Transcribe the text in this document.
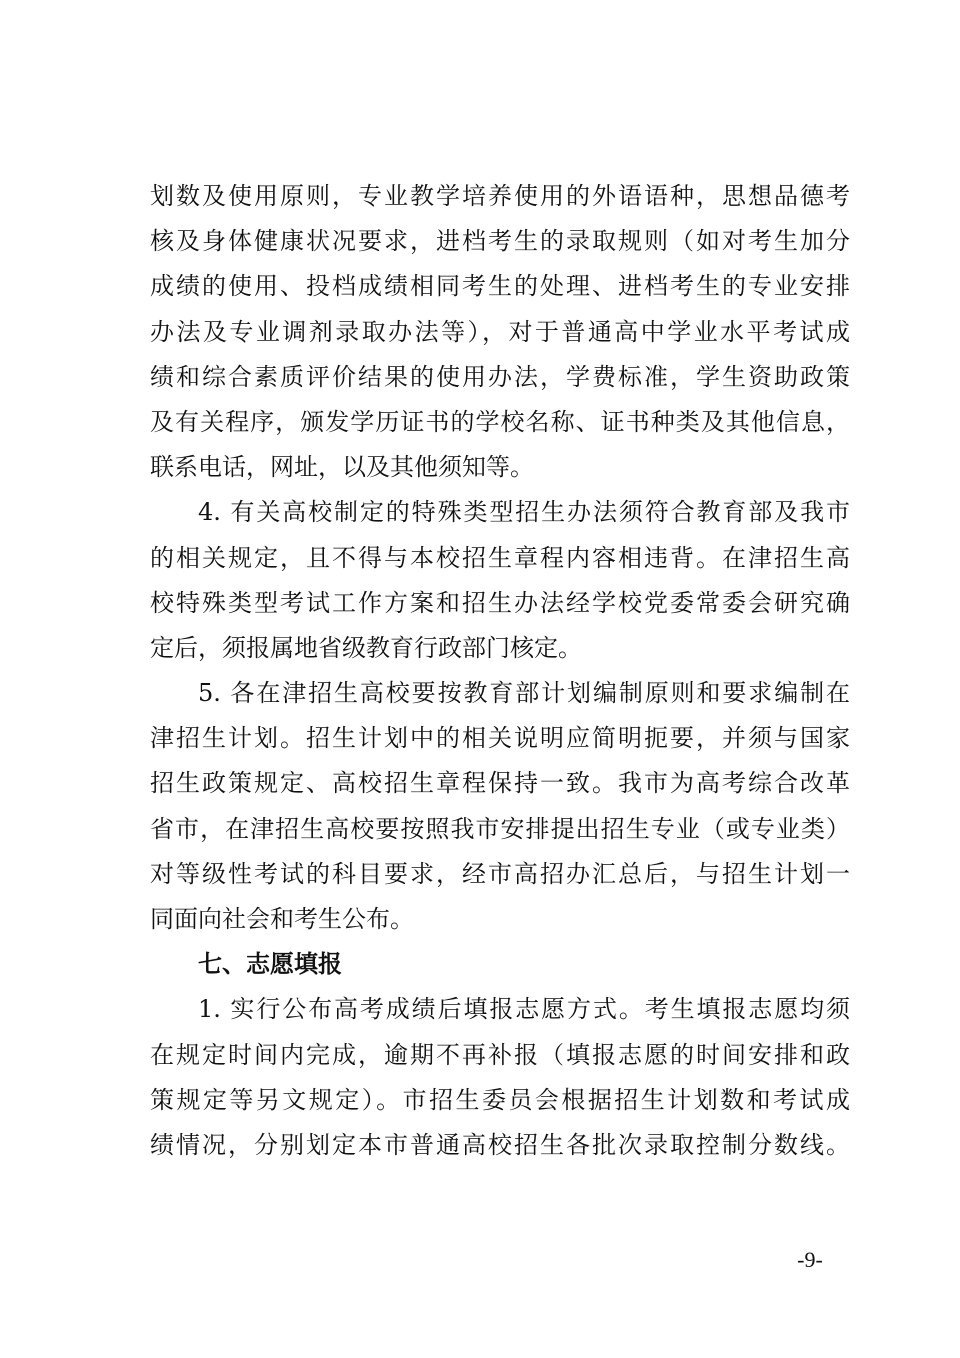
划数及使用原则，专业教学培养使用的外语语种，思想品德考
核及身体健康状况要求，进档考生的录取规则（如对考生加分
成绩的使用、投档成绩相同考生的处理、进档考生的专业安排
办法及专业调剂录取办法等），对于普通高中学业水平考试成
绩和综合素质评价结果的使用办法，学费标准，学生资助政策
及有关程序，颁发学历证书的学校名称、证书种类及其他信息，
联系电话，网址，以及其他须知等。
4. 有关高校制定的特殊类型招生办法须符合教育部及我市
的相关规定，且不得与本校招生章程内容相违背。在津招生高
校特殊类型考试工作方案和招生办法经学校党委常委会研究确
定后，须报属地省级教育行政部门核定。
5. 各在津招生高校要按教育部计划编制原则和要求编制在
津招生计划。招生计划中的相关说明应简明扼要，并须与国家
招生政策规定、高校招生章程保持一致。我市为高考综合改革
省市，在津招生高校要按照我市安排提出招生专业（或专业类）
对等级性考试的科目要求，经市高招办汇总后，与招生计划一
同面向社会和考生公布。
七、志愿填报
1. 实行公布高考成绩后填报志愿方式。考生填报志愿均须
在规定时间内完成，逾期不再补报（填报志愿的时间安排和政
策规定等另文规定）。市招生委员会根据招生计划数和考试成
绩情况，分别划定本市普通高校招生各批次录取控制分数线。
-9-
